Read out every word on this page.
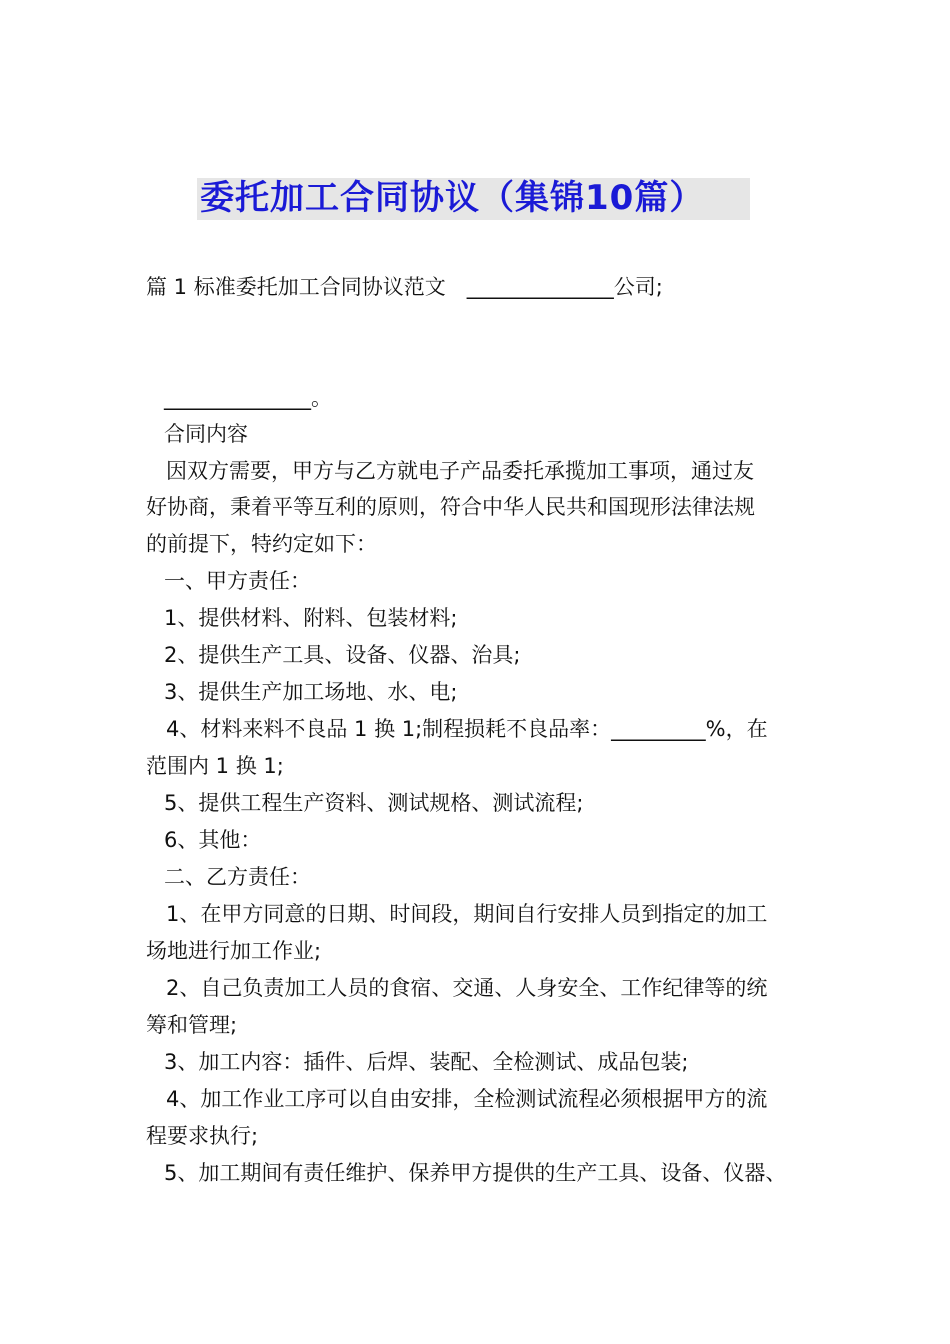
委托加工合同协议（集锦10篇）
篇 1 标准委托加工合同协议范文　______________公司;
______________。
合同内容
因双方需要，甲方与乙方就电子产品委托承揽加工事项，通过友
好协商，秉着平等互利的原则，符合中华人民共和国现形法律法规
的前提下，特约定如下：
一、甲方责任：
1、提供材料、附料、包装材料;
2、提供生产工具、设备、仪器、治具;
3、提供生产加工场地、水、电;
4、材料来料不良品 1 换 1;制程损耗不良品率：_________%，在
范围内 1 换 1;
5、提供工程生产资料、测试规格、测试流程;
6、其他：
二、乙方责任：
1、在甲方同意的日期、时间段，期间自行安排人员到指定的加工
场地进行加工作业;
2、自己负责加工人员的食宿、交通、人身安全、工作纪律等的统
筹和管理;
3、加工内容：插件、后焊、装配、全检测试、成品包装;
4、加工作业工序可以自由安排，全检测试流程必须根据甲方的流
程要求执行;
5、加工期间有责任维护、保养甲方提供的生产工具、设备、仪器、
